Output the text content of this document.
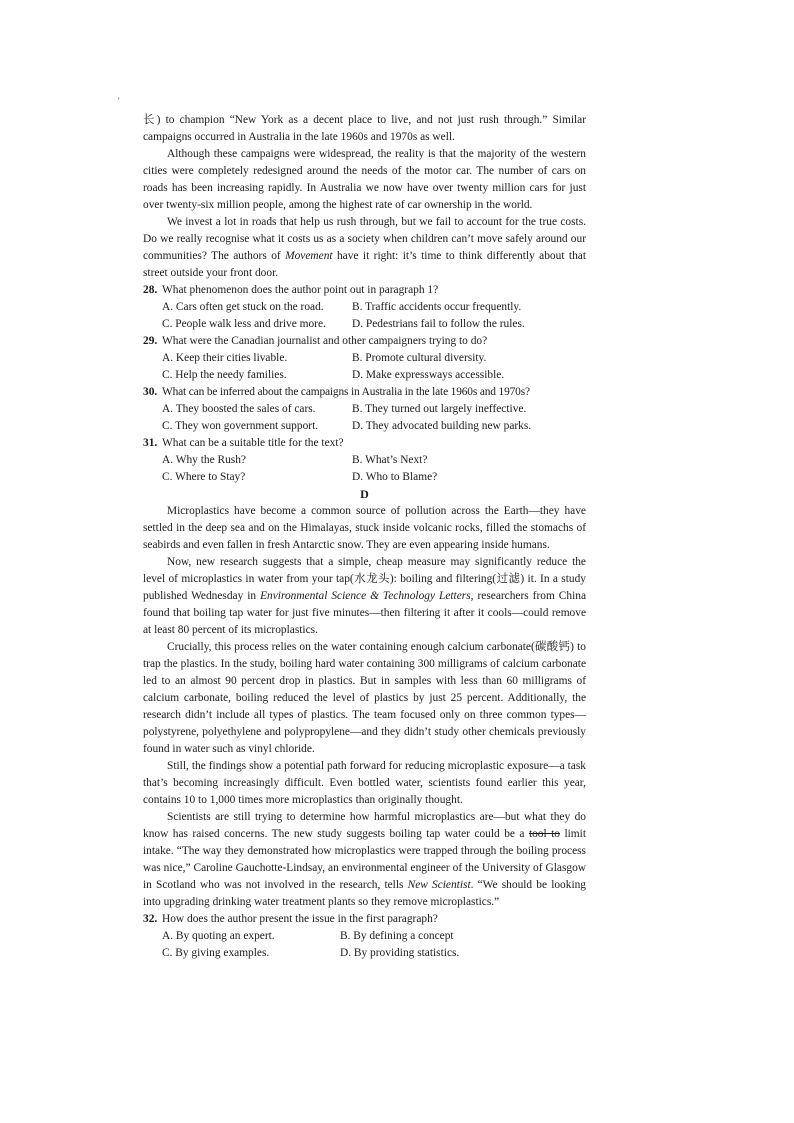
'

长) to champion “New York as a decent place to live, and not just rush through.” Similar campaigns occurred in Australia in the late 1960s and 1970s as well.

Although these campaigns were widespread, the reality is that the majority of the western cities were completely redesigned around the needs of the motor car. The number of cars on roads has been increasing rapidly. In Australia we now have over twenty million cars for just over twenty-six million people, among the highest rate of car ownership in the world.

We invest a lot in roads that help us rush through, but we fail to account for the true costs. Do we really recognise what it costs us as a society when children can’t move safely around our communities? The authors of Movement have it right: it’s time to think differently about that street outside your front door.

28. What phenomenon does the author point out in paragraph 1?
A. Cars often get stuck on the road.	B. Traffic accidents occur frequently.
C. People walk less and drive more.	D. Pedestrians fail to follow the rules.
29. What were the Canadian journalist and other campaigners trying to do?
A. Keep their cities livable.	B. Promote cultural diversity.
C. Help the needy families.	D. Make expressways accessible.
30. What can be inferred about the campaigns in Australia in the late 1960s and 1970s?
A. They boosted the sales of cars.	B. They turned out largely ineffective.
C. They won government support.	D. They advocated building new parks.
31. What can be a suitable title for the text?
A. Why the Rush?	B. What’s Next?
C. Where to Stay?	D. Who to Blame?
D

Microplastics have become a common source of pollution across the Earth—they have settled in the deep sea and on the Himalayas, stuck inside volcanic rocks, filled the stomachs of seabirds and even fallen in fresh Antarctic snow. They are even appearing inside humans.

Now, new research suggests that a simple, cheap measure may significantly reduce the level of microplastics in water from your tap(水龙头): boiling and filtering(过滤) it. In a study published Wednesday in Environmental Science & Technology Letters, researchers from China found that boiling tap water for just five minutes—then filtering it after it cools—could remove at least 80 percent of its microplastics.

Crucially, this process relies on the water containing enough calcium carbonate(碳酸钙) to trap the plastics. In the study, boiling hard water containing 300 milligrams of calcium carbonate led to an almost 90 percent drop in plastics. But in samples with less than 60 milligrams of calcium carbonate, boiling reduced the level of plastics by just 25 percent. Additionally, the research didn’t include all types of plastics. The team focused only on three common types—polystyrene, polyethylene and polypropylene—and they didn’t study other chemicals previously found in water such as vinyl chloride.

Still, the findings show a potential path forward for reducing microplastic exposure—a task that’s becoming increasingly difficult. Even bottled water, scientists found earlier this year, contains 10 to 1,000 times more microplastics than originally thought.

Scientists are still trying to determine how harmful microplastics are—but what they do know has raised concerns. The new study suggests boiling tap water could be a tool to limit intake. “The way they demonstrated how microplastics were trapped through the boiling process was nice,” Caroline Gauchotte-Lindsay, an environmental engineer of the University of Glasgow in Scotland who was not involved in the research, tells New Scientist. “We should be looking into upgrading drinking water treatment plants so they remove microplastics.”

32. How does the author present the issue in the first paragraph?
A. By quoting an expert.	B. By defining a concept
C. By giving examples.	D. By providing statistics.
